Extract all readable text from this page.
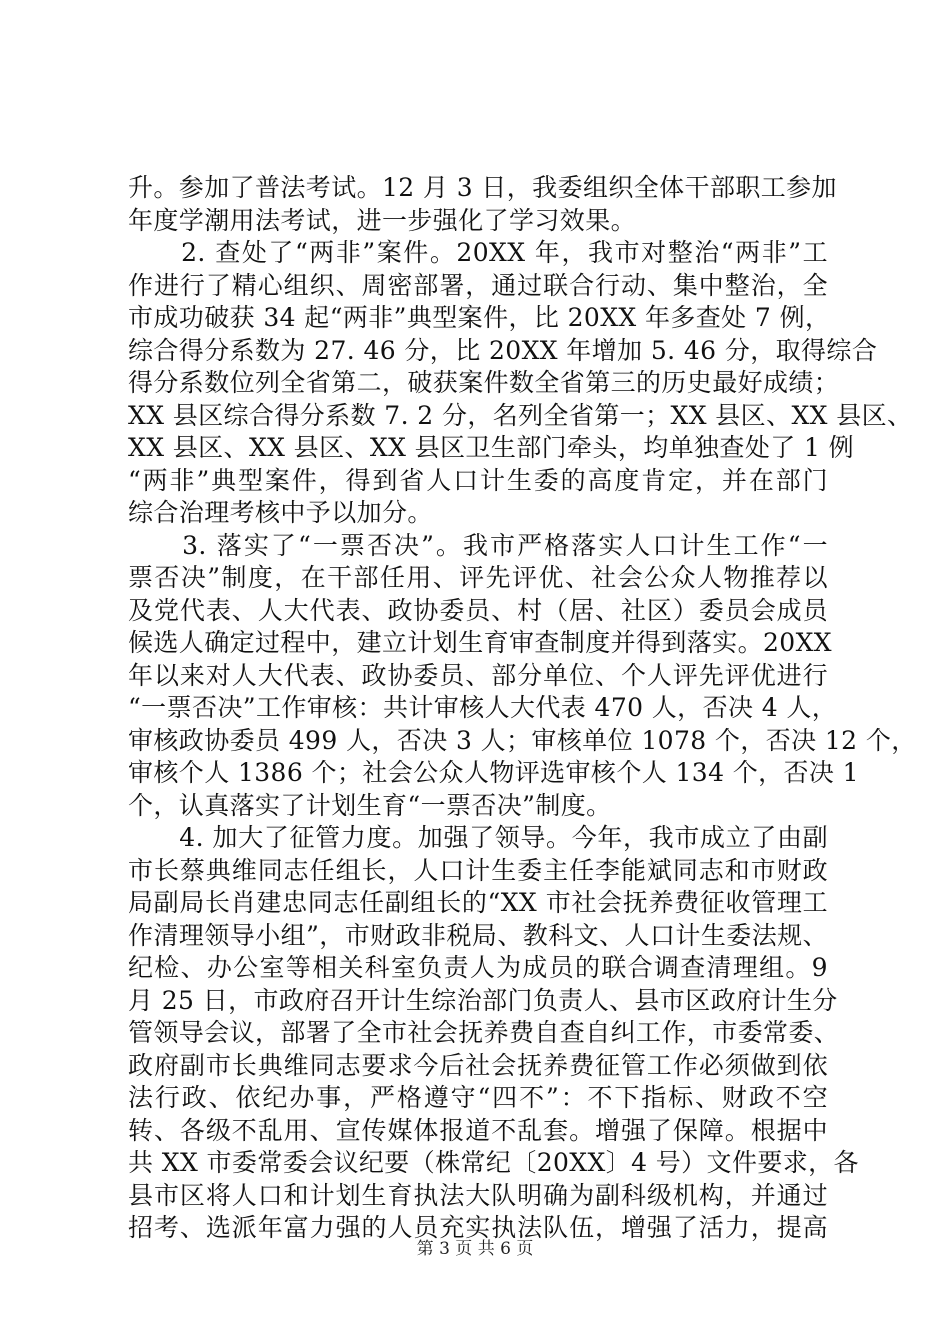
升。参加了普法考试。12 月 3 日，我委组织全体干部职工参加
年度学潮用法考试，进一步强化了学习效果。
　　2. 查处了“两非”案件。20XX 年，我市对整治“两非”工
作进行了精心组织、周密部署，通过联合行动、集中整治，全
市成功破获 34 起“两非”典型案件，比 20XX 年多查处 7 例，
综合得分系数为 27. 46 分，比 20XX 年增加 5. 46 分，取得综合
得分系数位列全省第二，破获案件数全省第三的历史最好成绩；
XX 县区综合得分系数 7. 2 分，名列全省第一；XX 县区、XX 县区、
XX 县区、XX 县区、XX 县区卫生部门牵头，均单独查处了 1 例
“两非”典型案件，得到省人口计生委的高度肯定，并在部门
综合治理考核中予以加分。
　　3. 落实了“一票否决”。我市严格落实人口计生工作“一
票否决”制度，在干部任用、评先评优、社会公众人物推荐以
及党代表、人大代表、政协委员、村（居、社区）委员会成员
候选人确定过程中，建立计划生育审查制度并得到落实。20XX
年以来对人大代表、政协委员、部分单位、个人评先评优进行
“一票否决”工作审核：共计审核人大代表 470 人，否决 4 人，
审核政协委员 499 人，否决 3 人；审核单位 1078 个，否决 12 个，
审核个人 1386 个；社会公众人物评选审核个人 134 个，否决 1
个，认真落实了计划生育“一票否决”制度。
　　4. 加大了征管力度。加强了领导。今年，我市成立了由副
市长蔡典维同志任组长，人口计生委主任李能斌同志和市财政
局副局长肖建忠同志任副组长的“XX 市社会抚养费征收管理工
作清理领导小组”，市财政非税局、教科文、人口计生委法规、
纪检、办公室等相关科室负责人为成员的联合调查清理组。9
月 25 日，市政府召开计生综治部门负责人、县市区政府计生分
管领导会议，部署了全市社会抚养费自查自纠工作，市委常委、
政府副市长典维同志要求今后社会抚养费征管工作必须做到依
法行政、依纪办事，严格遵守“四不”：不下指标、财政不空
转、各级不乱用、宣传媒体报道不乱套。增强了保障。根据中
共 XX 市委常委会议纪要（株常纪〔20XX〕4 号）文件要求，各
县市区将人口和计划生育执法大队明确为副科级机构，并通过
招考、选派年富力强的人员充实执法队伍，增强了活力，提高
第 3 页 共 6 页
